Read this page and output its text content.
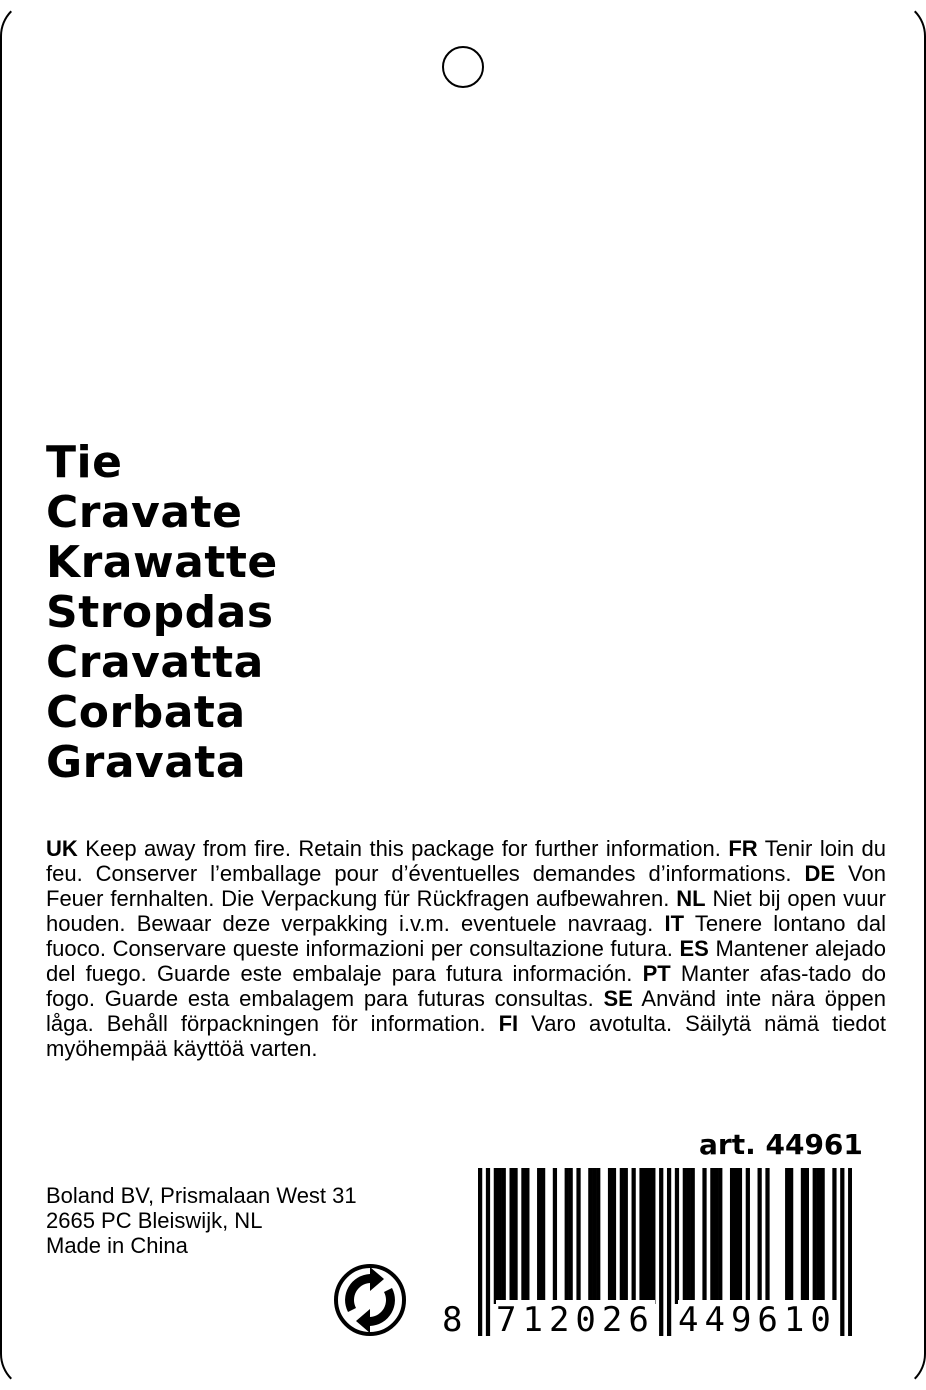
Tie
Cravate
Krawatte
Stropdas
Cravatta
Corbata
Gravata

UK Keep away from fire. Retain this package for further information. FR Tenir loin du feu. Conserver l’emballage pour d’éventuelles demandes d’informations. DE Von Feuer fernhalten. Die Verpackung für Rückfragen aufbewahren. NL Niet bij open vuur houden. Bewaar deze verpakking i.v.m. eventuele navraag. IT Tenere lontano dal fuoco. Conservare queste informazioni per consultazione futura. ES Mantener alejado del fuego. Guarde este embalaje para futura información. PT Manter afas-tado do fogo. Guarde esta embalagem para futuras consultas. SE Använd inte nära öppen låga. Behåll förpackningen för information. FI Varo avotulta. Säilytä nämä tiedot myöhempää käyttöä varten.

art. 44961
Boland BV, Prismalaan West 31
2665 PC Bleiswijk, NL
Made in China
8 712026 449610
